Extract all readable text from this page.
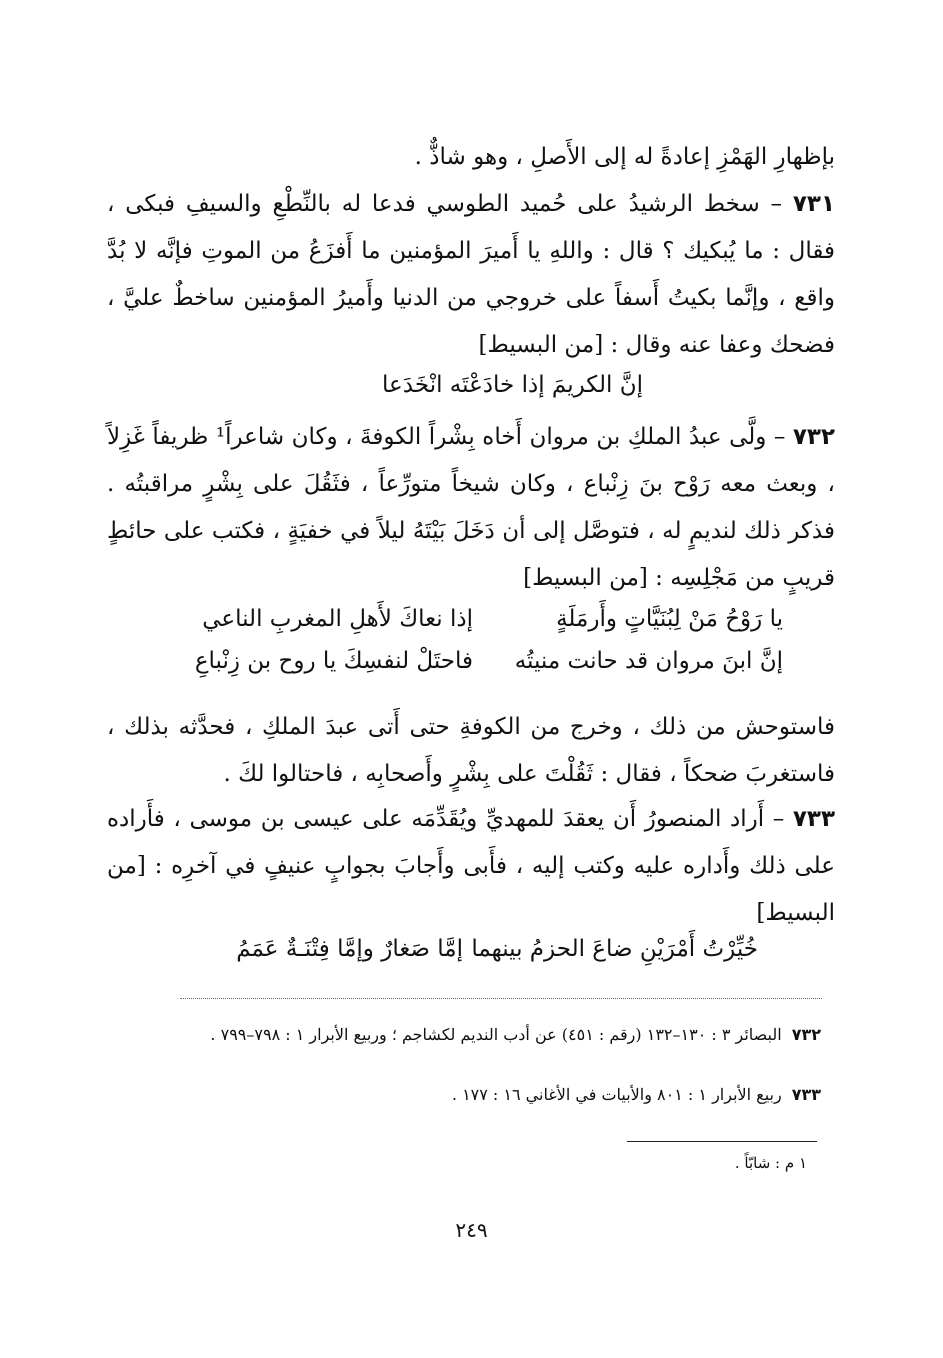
بإظهارِ الهَمْزِ إعادةً له إلى الأَصلِ ، وهو شاذٌّ .

٧٣١ – سخط الرشيدُ على حُميد الطوسي فدعا له بالنِّطْعِ والسيفِ فبكى ، فقال : ما يُبكيك ؟ قال : واللهِ يا أَميرَ المؤمنين ما أَفزَعُ من الموتِ فإنَّه لا بُدَّ واقع ، وإنَّما بكيتُ أَسفاً على خروجي من الدنيا وأَميرُ المؤمنين ساخطٌ عليَّ ، فضحك وعفا عنه وقال : [من البسيط]

إنَّ الكريمَ إذا خادَعْتَه انْخَدَعا

٧٣٢ – ولَّى عبدُ الملكِ بن مروان أَخاه بِشْراً الكوفةَ ، وكان شاعراً¹ ظريفاً غَزِلاً ، وبعث معه رَوْح بنَ زِنْباع ، وكان شيخاً متورِّعاً ، فثَقُلَ على بِشْرٍ مراقبتُه . فذكر ذلك لنديمٍ له ، فتوصَّل إلى أن دَخَلَ بَيْتَهُ ليلاً في خفيَةٍ ، فكتب على حائطٍ قريبٍ من مَجْلِسِه : [من البسيط]

يا رَوْحُ مَنْ لِبُنَيَّاتٍ وأَرمَلَةٍ
إذا نعاكَ لأَهلِ المغربِ الناعي
إنَّ ابنَ مروان قد حانت منيتُه
فاحتَلْ لنفسِكَ يا روح بن زِنْباعِ

فاستوحش من ذلك ، وخرج من الكوفةِ حتى أَتى عبدَ الملكِ ، فحدَّثه بذلك ، فاستغربَ ضحكاً ، فقال : ثَقُلْتَ على بِشْرٍ وأَصحابِه ، فاحتالوا لكَ .

٧٣٣ – أَراد المنصورُ أَن يعقدَ للمهديِّ ويُقَدِّمَه على عيسى بن موسى ، فأَراده على ذلك وأَداره عليه وكتب إليه ، فأَبى وأَجابَ بجوابٍ عنيفٍ في آخرِه : [من البسيط]

خُيِّرْتُ أَمْرَيْنِ ضاعَ الحزمُ بينهما
إمَّا صَغارٌ وإمَّا فِتْنَـةٌ عَمَمُ

٧٣٢البصائر ٣ : ١٣٠–١٣٢ (رقم : ٤٥١) عن أدب النديم لكشاجم ؛ وربيع الأبرار ١ : ٧٩٨–٧٩٩ .

٧٣٣ربيع الأبرار ١ : ٨٠١ والأبيات في الأغاني ١٦ : ١٧٧ .

١ م : شابّاً .
٢٤٩
